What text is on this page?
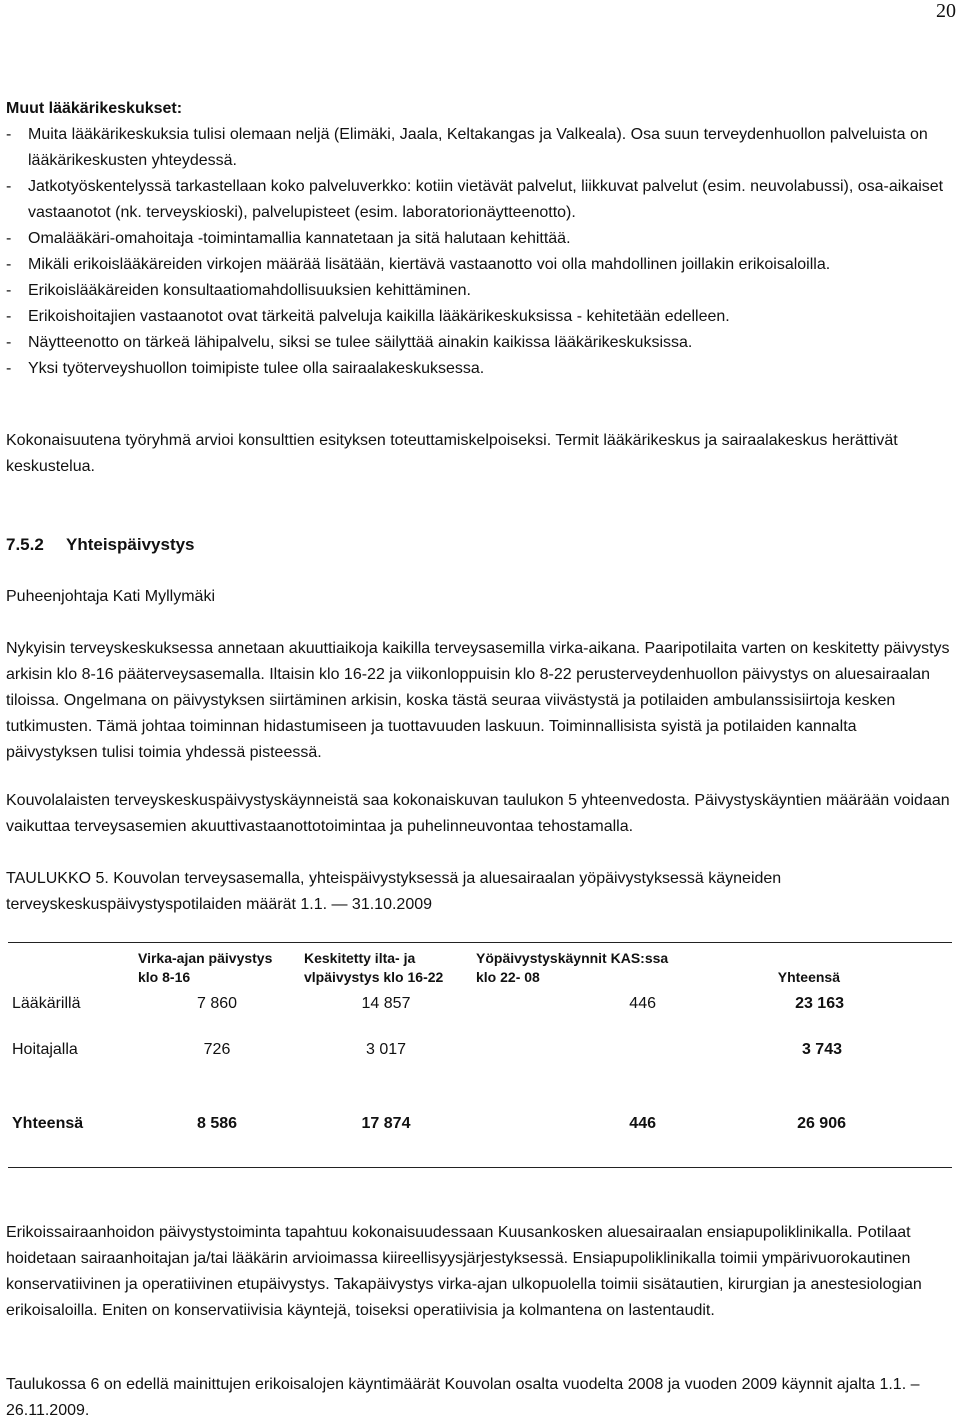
20
Muut lääkärikeskukset:
- Muita lääkärikeskuksia tulisi olemaan neljä (Elimäki, Jaala, Keltakangas ja Valkeala). Osa suun terveydenhuollon palveluista on lääkärikeskusten yhteydessä.
- Jatkotyöskentelyssä tarkastellaan koko palveluverkko: kotiin vietävät palvelut, liikkuvat palvelut (esim. neuvolabussi), osa-aikaiset vastaanotot (nk. terveyskioski), palvelupisteet (esim. laboratorionäytteenotto).
- Omalääkäri-omahoitaja -toimintamallia kannatetaan ja sitä halutaan kehittää.
- Mikäli erikoislääkäreiden virkojen määrää lisätään, kiertävä vastaanotto voi olla mahdollinen joillakin erikoisaloilla.
- Erikoislääkäreiden konsultaatiomahdollisuuksien kehittäminen.
- Erikoishoitajien vastaanotot ovat tärkeitä palveluja kaikilla lääkärikeskuksissa - kehitetään edelleen.
- Näytteenotto on tärkeä lähipalvelu, siksi se tulee säilyttää ainakin kaikissa lääkärikeskuksissa.
- Yksi työterveyshuollon toimipiste tulee olla sairaalakeskuksessa.

Kokonaisuutena työryhmä arvioi konsulttien esityksen toteuttamiskelpoiseksi. Termit lääkärikeskus ja sairaalakeskus herättivät keskustelua.

7.5.2 Yhteispäivystys

Puheenjohtaja Kati Myllymäki

Nykyisin terveyskeskuksessa annetaan akuuttiaikoja kaikilla terveysasemilla virka-aikana. Paaripotilaita varten on keskitetty päivystys arkisin klo 8-16 pääterveysasemalla. Iltaisin klo 16-22 ja viikonloppuisin klo 8-22 perusterveydenhuollon päivystys on aluesairaalan tiloissa. Ongelmana on päivystyksen siirtäminen arkisin, koska tästä seuraa viivästystä ja potilaiden ambulanssisiirtoja kesken tutkimusten. Tämä johtaa toiminnan hidastumiseen ja tuottavuuden laskuun. Toiminnallisista syistä ja potilaiden kannalta päivystyksen tulisi toimia yhdessä pisteessä.

Kouvolalaisten terveyskeskuspäivystyskäynneistä saa kokonaiskuvan taulukon 5 yhteenvedosta. Päivystyskäyntien määrään voidaan vaikuttaa terveysasemien akuuttivastaanottotoimintaa ja puhelinneuvontaa tehostamalla.

TAULUKKO 5. Kouvolan terveysasemalla, yhteispäivystyksessä ja aluesairaalan yöpäivystyksessä käyneiden terveyskeskuspäivystyspotilaiden määrät 1.1. — 31.10.2009

	Virka-ajan päivystys
klo 8-16	Keskitetty ilta- ja
vlpäivystys klo 16-22	Yöpäivystyskäynnit KAS:ssa
klo 22- 08	Yhteensä
Lääkärillä	7 860	14 857	446	23 163
Hoitajalla	726	3 017		3 743
Yhteensä	8 586	17 874	446	26 906

Erikoissairaanhoidon päivystystoiminta tapahtuu kokonaisuudessaan Kuusankosken aluesairaalan ensiapupoliklinikalla. Potilaat hoidetaan sairaanhoitajan ja/tai lääkärin arvioimassa kiireellisyysjärjestyksessä. Ensiapupoliklinikalla toimii ympärivuorokautinen konservatiivinen ja operatiivinen etupäivystys. Takapäivystys virka-ajan ulkopuolella toimii sisätautien, kirurgian ja anestesiologian erikoisaloilla. Eniten on konservatiivisia käyntejä, toiseksi operatiivisia ja kolmantena on lastentaudit.

Taulukossa 6 on edellä mainittujen erikoisalojen käyntimäärät Kouvolan osalta vuodelta 2008 ja vuoden 2009 käynnit ajalta 1.1. – 26.11.2009.
